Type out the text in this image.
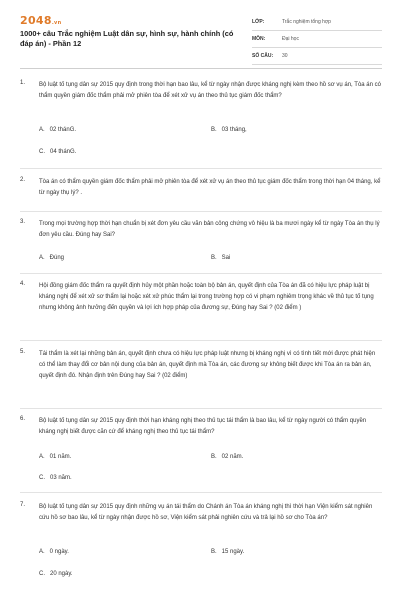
2048.vn
1000+ câu Trắc nghiệm Luật dân sự, hình sự, hành chính (có đáp án) - Phần 12
LỚP:	Trắc nghiệm tổng hợp
MÔN:	Đại học
SỐ CÂU:	30
1.	Bộ luật tố tụng dân sự 2015 quy định trong thời hạn bao lâu, kể từ ngày nhận được kháng nghị kèm theo hồ sơ vụ án, Tòa án có thẩm quyền giám đốc thẩm phải mở phiên tòa để xét xử vụ án theo thủ tục giám đốc thẩm?
A. 02 thánG.	B. 03 tháng,
C. 04 thánG.
2.	Tòa án có thẩm quyền giám đốc thẩm phải mở phiên tòa để xét xử vụ án theo thủ tục giám đốc thẩm trong thời hạn 04 tháng, kể từ ngày thụ lý? .
3.	Trong mọi trường hợp thời hạn chuẩn bị xét đơn yêu cầu văn bản công chứng vô hiệu là ba mươi ngày kể từ ngày Tòa án thụ lý đơn yêu cầu. Đúng hay Sai?
A. Đúng	B. Sai
4.	Hội đồng giám đốc thẩm ra quyết định hủy một phần hoặc toàn bộ bản án, quyết định của Tòa án đã có hiệu lực pháp luật bị kháng nghị để xét xử sơ thẩm lại hoặc xét xử phúc thẩm lại trong trường hợp có vi phạm nghiêm trọng khác về thủ tục tố tụng nhưng không ảnh hưởng đến quyền và lợi ích hợp pháp của đương sự, Đúng hay Sai ? (02 điểm )
5.	Tái thẩm là xét lại những bản án, quyết định chưa có hiệu lực pháp luật nhưng bị kháng nghị vì có tình tiết mới được phát hiện có thể làm thay đổi cơ bản nội dung của bản án, quyết định mà Tòa án, các đương sự không biết được khi Tòa án ra bản án, quyết định đó. Nhận định trên Đúng hay Sai ? (02 điểm)
6.	Bộ luật tố tụng dân sự 2015 quy định thời hạn kháng nghị theo thủ tục tái thẩm là bao lâu, kể từ ngày người có thẩm quyền kháng nghị biết được căn cứ để kháng nghị theo thủ tục tái thẩm?
A. 01 năm.	B. 02 năm.
C. 03 năm.
7.	Bộ luật tố tụng dân sự 2015 quy định những vụ án tái thẩm do Chánh án Tòa án kháng nghị thì thời hạn Viện kiểm sát nghiên cứu hồ sơ bao lâu, kể từ ngày nhận được hồ sơ, Viện kiểm sát phải nghiên cứu và trả lại hồ sơ cho Tòa án?
A. 0 ngày.	B. 15 ngày.
C. 20 ngày.
